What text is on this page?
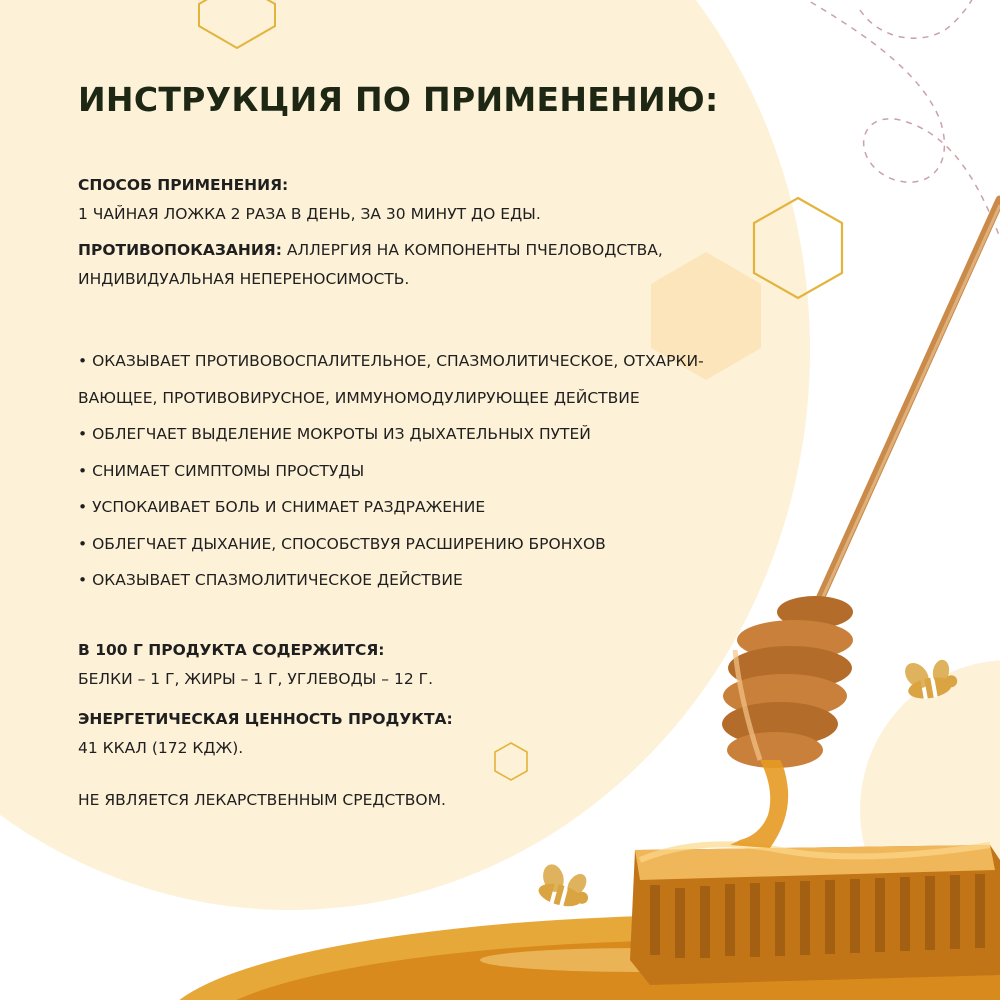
ИНСТРУКЦИЯ ПО ПРИМЕНЕНИЮ:
СПОСОБ ПРИМЕНЕНИЯ:
1 ЧАЙНАЯ ЛОЖКА 2 РАЗА В ДЕНЬ, ЗА 30 МИНУТ ДО ЕДЫ.
ПРОТИВОПОКАЗАНИЯ: АЛЛЕРГИЯ НА КОМПОНЕНТЫ ПЧЕЛОВОДСТВА,
ИНДИВИДУАЛЬНАЯ НЕПЕРЕНОСИМОСТЬ.
• ОКАЗЫВАЕТ ПРОТИВОВОСПАЛИТЕЛЬНОЕ, СПАЗМОЛИТИЧЕСКОЕ, ОТХАРКИ-
ВАЮЩЕЕ, ПРОТИВОВИРУСНОЕ, ИММУНОМОДУЛИРУЮЩЕЕ ДЕЙСТВИЕ
• ОБЛЕГЧАЕТ ВЫДЕЛЕНИЕ МОКРОТЫ ИЗ ДЫХАТЕЛЬНЫХ ПУТЕЙ
• СНИМАЕТ СИМПТОМЫ ПРОСТУДЫ
• УСПОКАИВАЕТ БОЛЬ И СНИМАЕТ РАЗДРАЖЕНИЕ
• ОБЛЕГЧАЕТ ДЫХАНИЕ, СПОСОБСТВУЯ РАСШИРЕНИЮ БРОНХОВ
• ОКАЗЫВАЕТ СПАЗМОЛИТИЧЕСКОЕ ДЕЙСТВИЕ
В 100 Г ПРОДУКТА СОДЕРЖИТСЯ:
БЕЛКИ – 1 Г, ЖИРЫ – 1 Г, УГЛЕВОДЫ – 12 Г.
ЭНЕРГЕТИЧЕСКАЯ ЦЕННОСТЬ ПРОДУКТА:
41 ККАЛ (172 КДЖ).
НЕ ЯВЛЯЕТСЯ ЛЕКАРСТВЕННЫМ СРЕДСТВОМ.
